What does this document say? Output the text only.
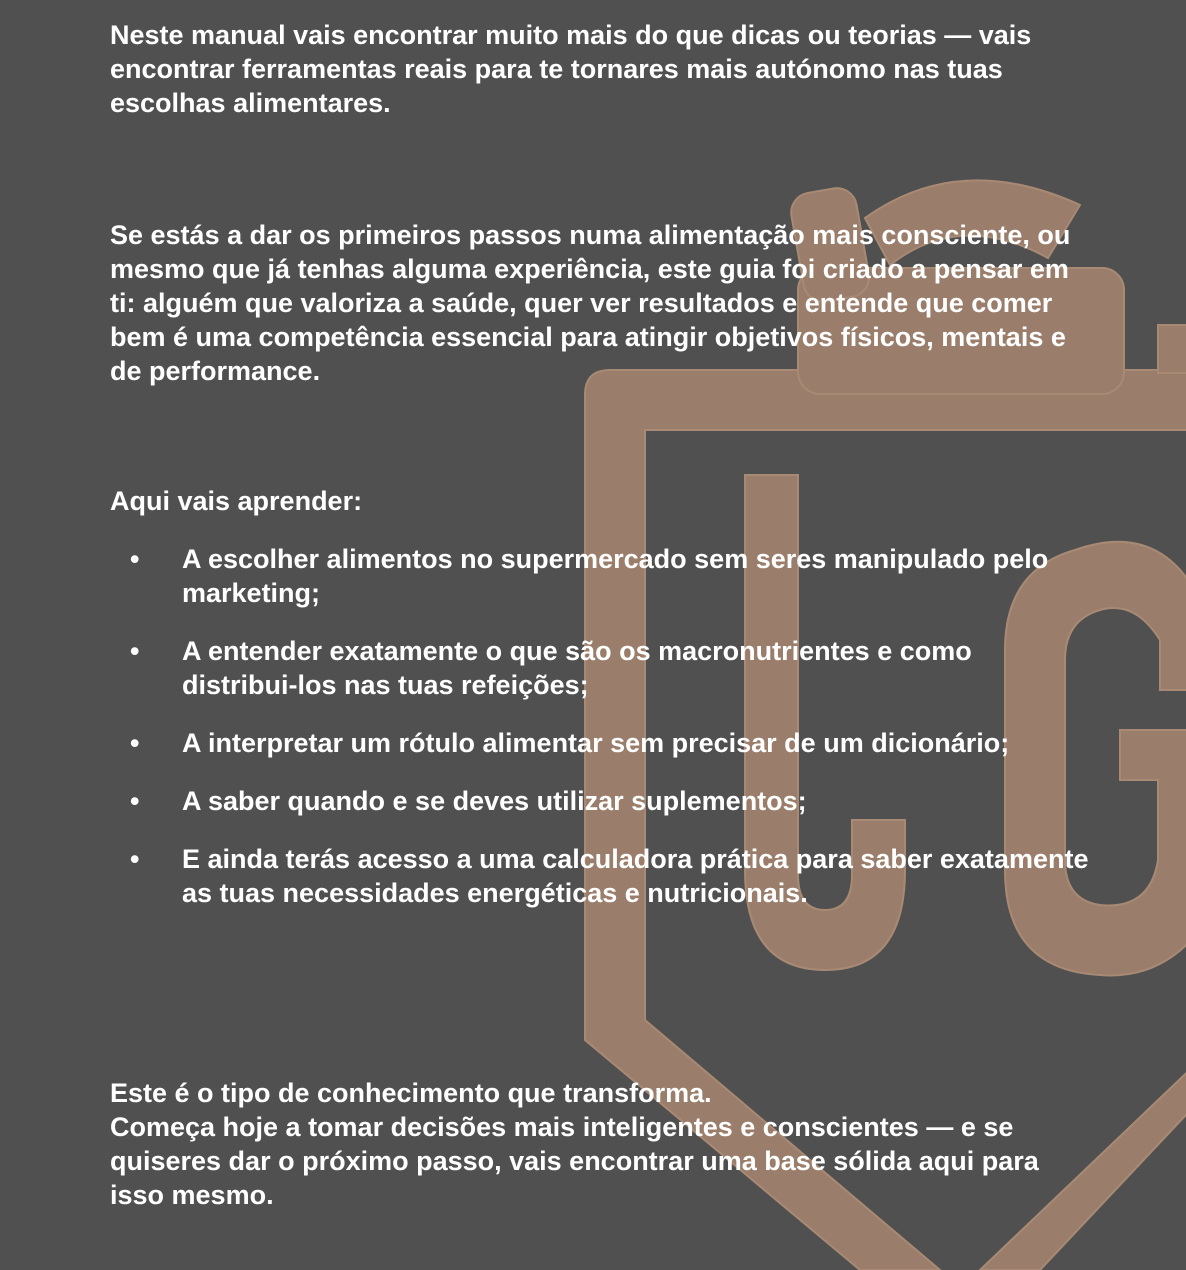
Neste manual vais encontrar muito mais do que dicas ou teorias — vais encontrar ferramentas reais para te tornares mais autónomo nas tuas escolhas alimentares.

Se estás a dar os primeiros passos numa alimentação mais consciente, ou mesmo que já tenhas alguma experiência, este guia foi criado a pensar em ti: alguém que valoriza a saúde, quer ver resultados e entende que comer bem é uma competência essencial para atingir objetivos físicos, mentais e de performance.

Aqui vais aprender:

• A escolher alimentos no supermercado sem seres manipulado pelo marketing;
• A entender exatamente o que são os macronutrientes e como distribui-los nas tuas refeições;
• A interpretar um rótulo alimentar sem precisar de um dicionário;
• A saber quando e se deves utilizar suplementos;
• E ainda terás acesso a uma calculadora prática para saber exatamente as tuas necessidades energéticas e nutricionais.

Este é o tipo de conhecimento que transforma.

Começa hoje a tomar decisões mais inteligentes e conscientes — e se quiseres dar o próximo passo, vais encontrar uma base sólida aqui para isso mesmo.
